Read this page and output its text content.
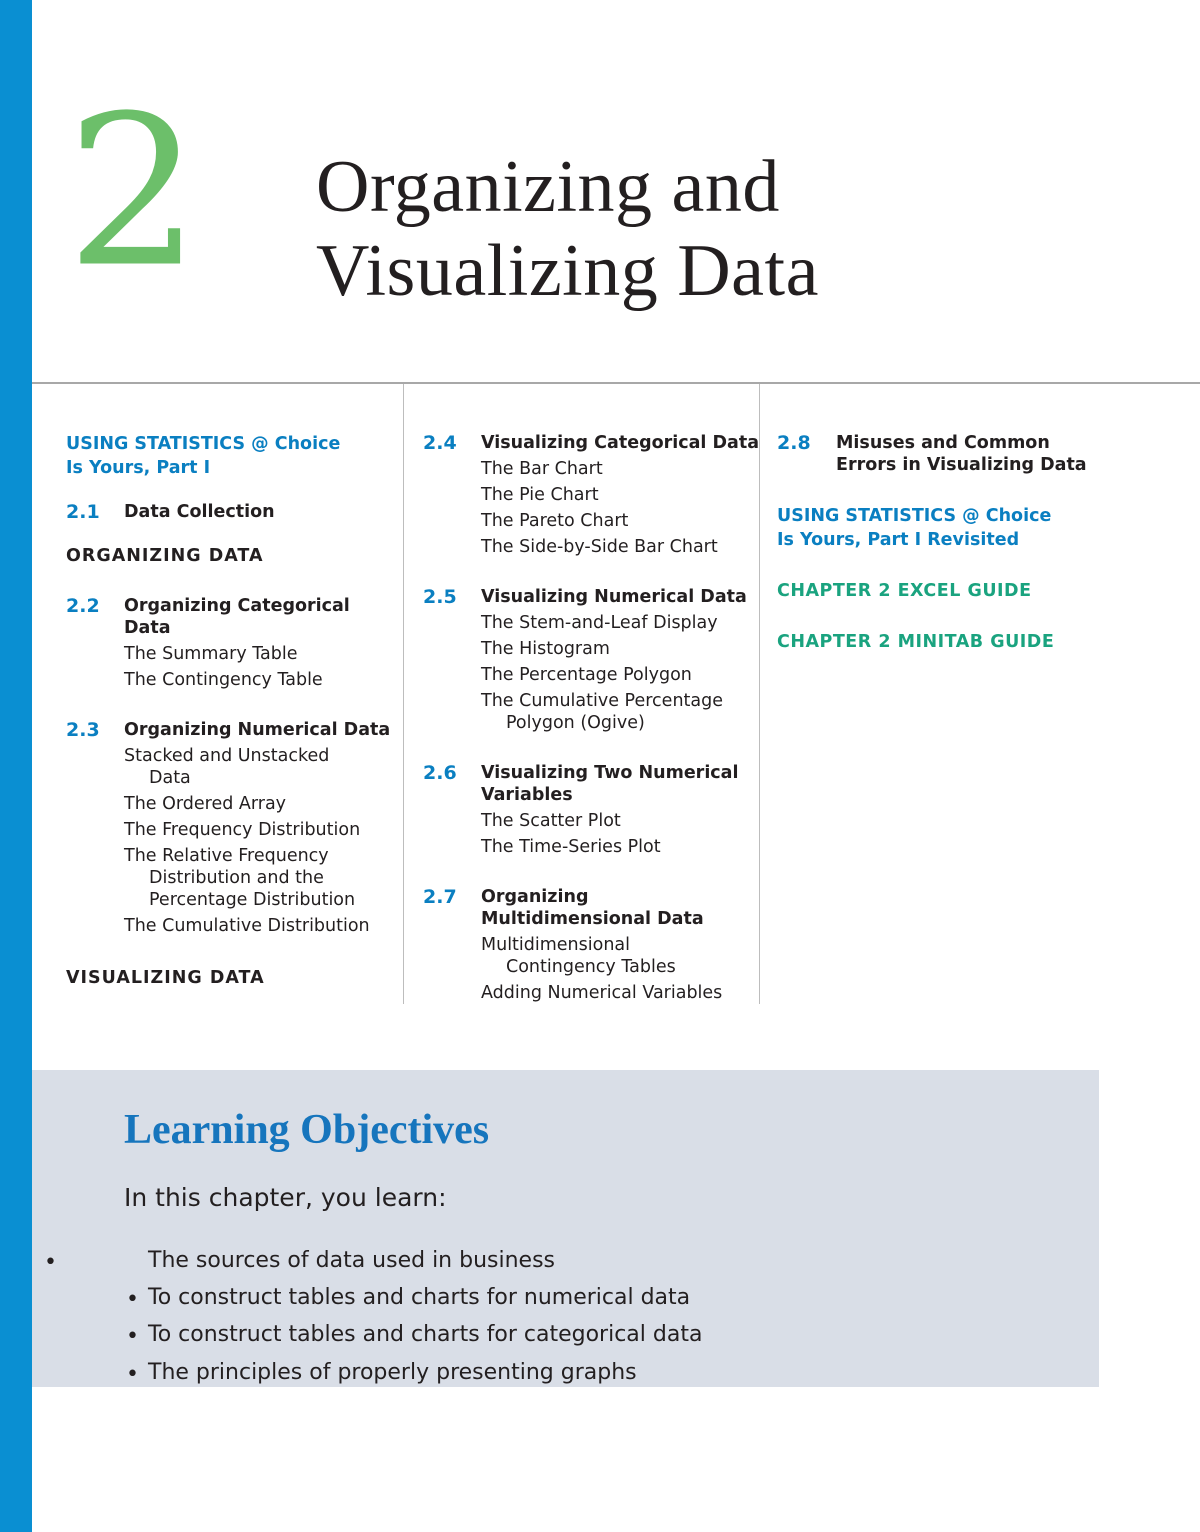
2 Organizing and
Visualizing Data
USING STATISTICS @ Choice
Is Yours, Part I
2.1	Data Collection
ORGANIZING DATA
2.2 Organizing Categorical
Data
The Summary Table
The Contingency Table
2.3 Organizing Numerical Data
Stacked and Unstacked
Data
The Ordered Array
The Frequency Distribution
The Relative Frequency
Distribution and the
Percentage Distribution
The Cumulative Distribution
VISUALIZING DATA
2.4 Visualizing Categorical Data
The Bar Chart
The Pie Chart
The Pareto Chart
The Side-by-Side Bar Chart
2.5 Visualizing Numerical Data
The Stem-and-Leaf Display
The Histogram
The Percentage Polygon
The Cumulative Percentage
Polygon (Ogive)
2.6 Visualizing Two Numerical
Variables
The Scatter Plot
The Time-Series Plot
2.7 Organizing
Multidimensional Data
Multidimensional
Contingency Tables
Adding Numerical Variables
2.8 Misuses and Common
Errors in Visualizing Data
USING STATISTICS @ Choice
Is Yours, Part I Revisited
CHAPTER 2 EXCEL GUIDE
CHAPTER 2 MINITAB GUIDE
Learning Objectives
In this chapter, you learn:
•	The sources of data used in business
• To construct tables and charts for numerical data
• To construct tables and charts for categorical data
• The principles of properly presenting graphs
